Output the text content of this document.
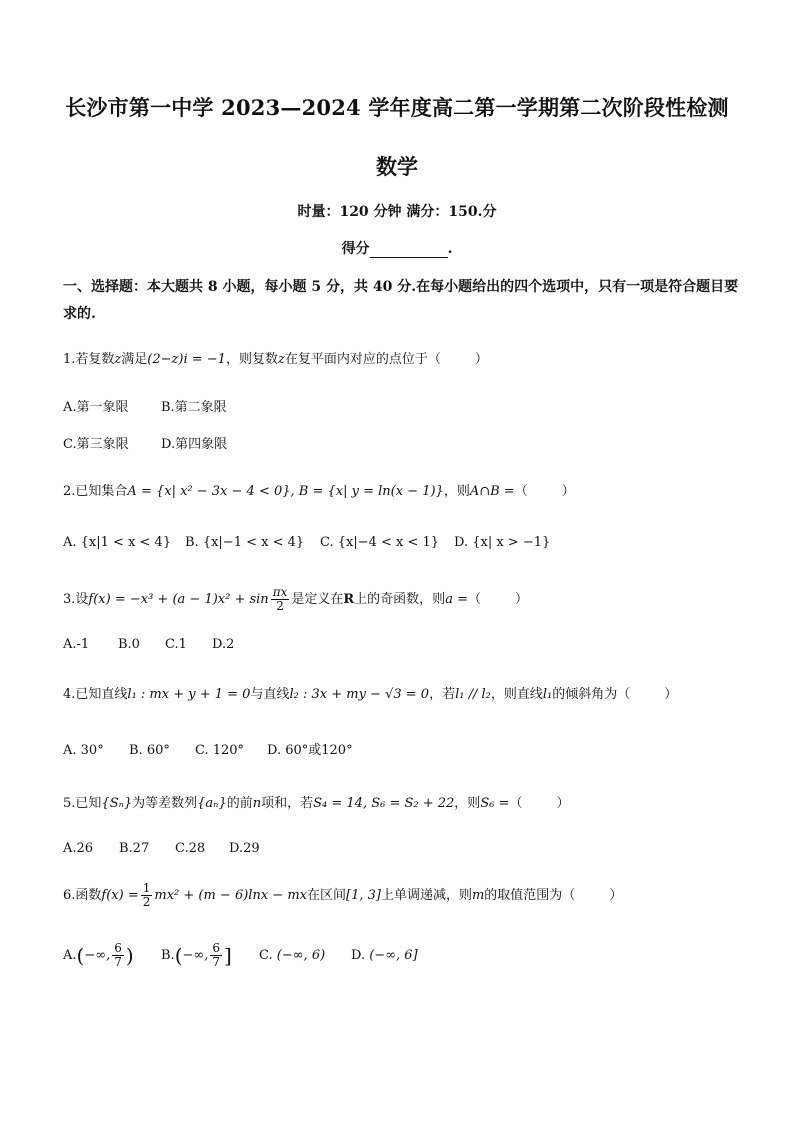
长沙市第一中学 2023—2024 学年度高二第一学期第二次阶段性检测
数学
时量：120 分钟 满分：150.分
得分	.
一、选择题：本大题共 8 小题，每小题 5 分，共 40 分.在每小题给出的四个选项中，只有一项是符合题目要求的.
1.若复数z满足(2−z)i = −1，则复数z在复平面内对应的点位于（	）
A.第一象限 B.第二象限
C.第三象限 D.第四象限
2.已知集合A = {x| x² − 3x − 4 < 0}, B = {x| y = ln(x − 1)}，则A∩B =（	）
A. {x|1 < x < 4} B. {x|−1 < x < 4} C. {x|−4 < x < 1} D. {x| x > −1}
3.设$f(x) = -x^3 + (a - 1)x^2 + \sin \frac{\pi x}{2}$ 是定义在R上的奇函数，则a =（	）
A.-1 B.0 C.1 D.2
4.已知直线l₁ : mx + y + 1 = 0与直线l₂ : 3x + my − √3 = 0，若l₁ // l₂，则直线l₁的倾斜角为（	）
A. 30° B. 60° C. 120° D. 60°或120°
5.已知{Sₙ}为等差数列{aₙ}的前n项和，若S₄ = 14, S₆ = S₂ + 22，则S₆ =（	）
A.26 B.27 C.28 D.29
6.函数$f(x) = \frac{1}{2} mx^2 + (m - 6)\ln x$ − mx在区间[1, 3]上单调递减，则m的取值范围为（	）
A.(−∞, $\frac{6}{7}$ ) B.(−∞, $\frac{6}{7}$ ] C. (−∞, 6) D. (−∞, 6]
